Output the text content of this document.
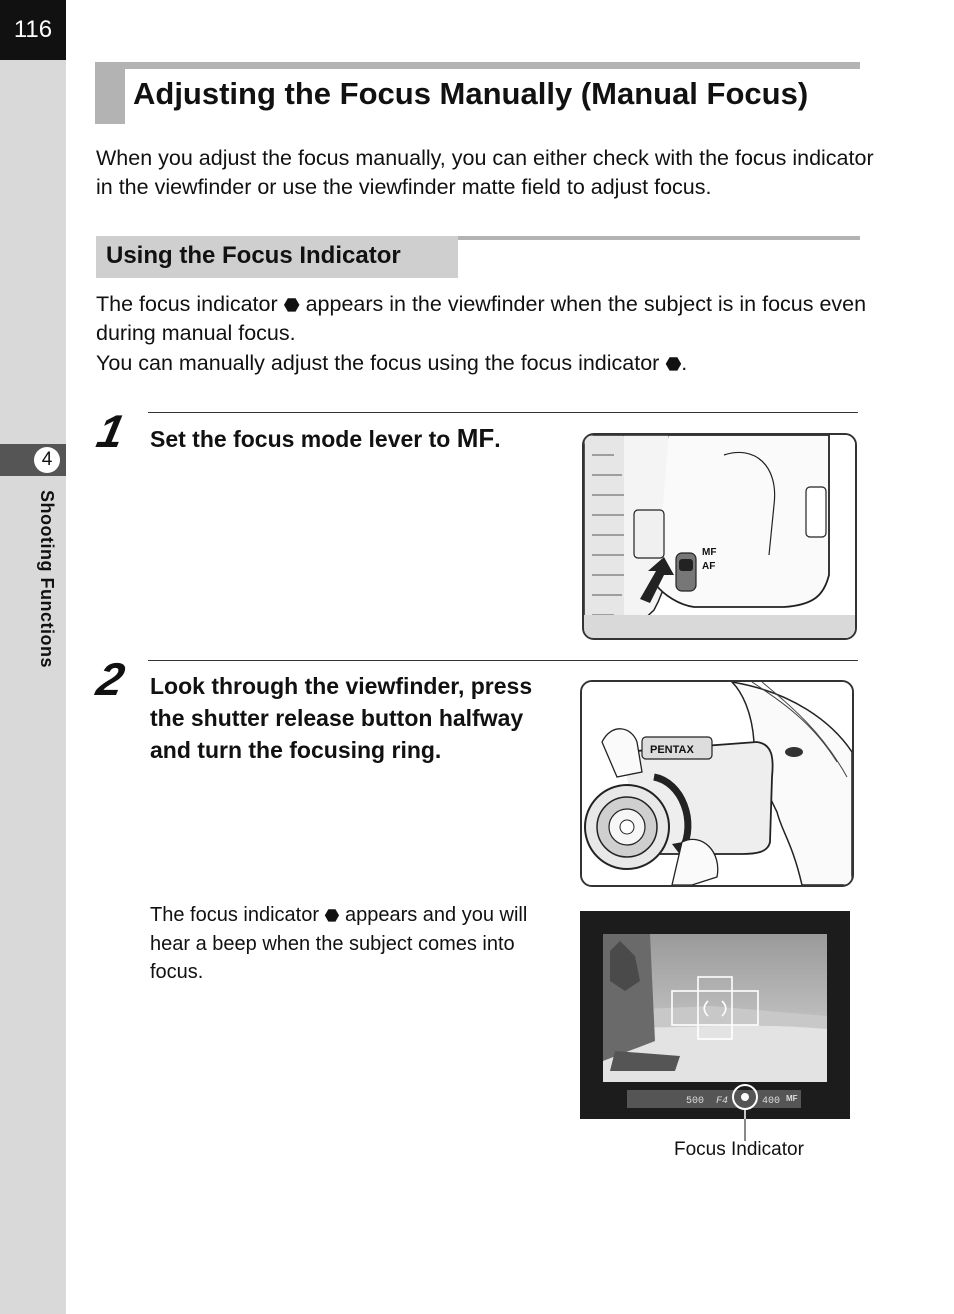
116
4
Shooting Functions
Adjusting the Focus Manually (Manual Focus)
When you adjust the focus manually, you can either check with the focus indicator in the viewfinder or use the viewfinder matte field to adjust focus.
Using the Focus Indicator
The focus indicator ⬣ appears in the viewfinder when the subject is in focus even during manual focus.
You can manually adjust the focus using the focus indicator ⬣.
1 Set the focus mode lever to MF.
MF
AF
2 Look through the viewfinder, press the shutter release button halfway and turn the focusing ring.	PENTAX
The focus indicator ⬣ appears and you will hear a beep when the subject comes into focus.
500 F4	400 MF
Focus Indicator
